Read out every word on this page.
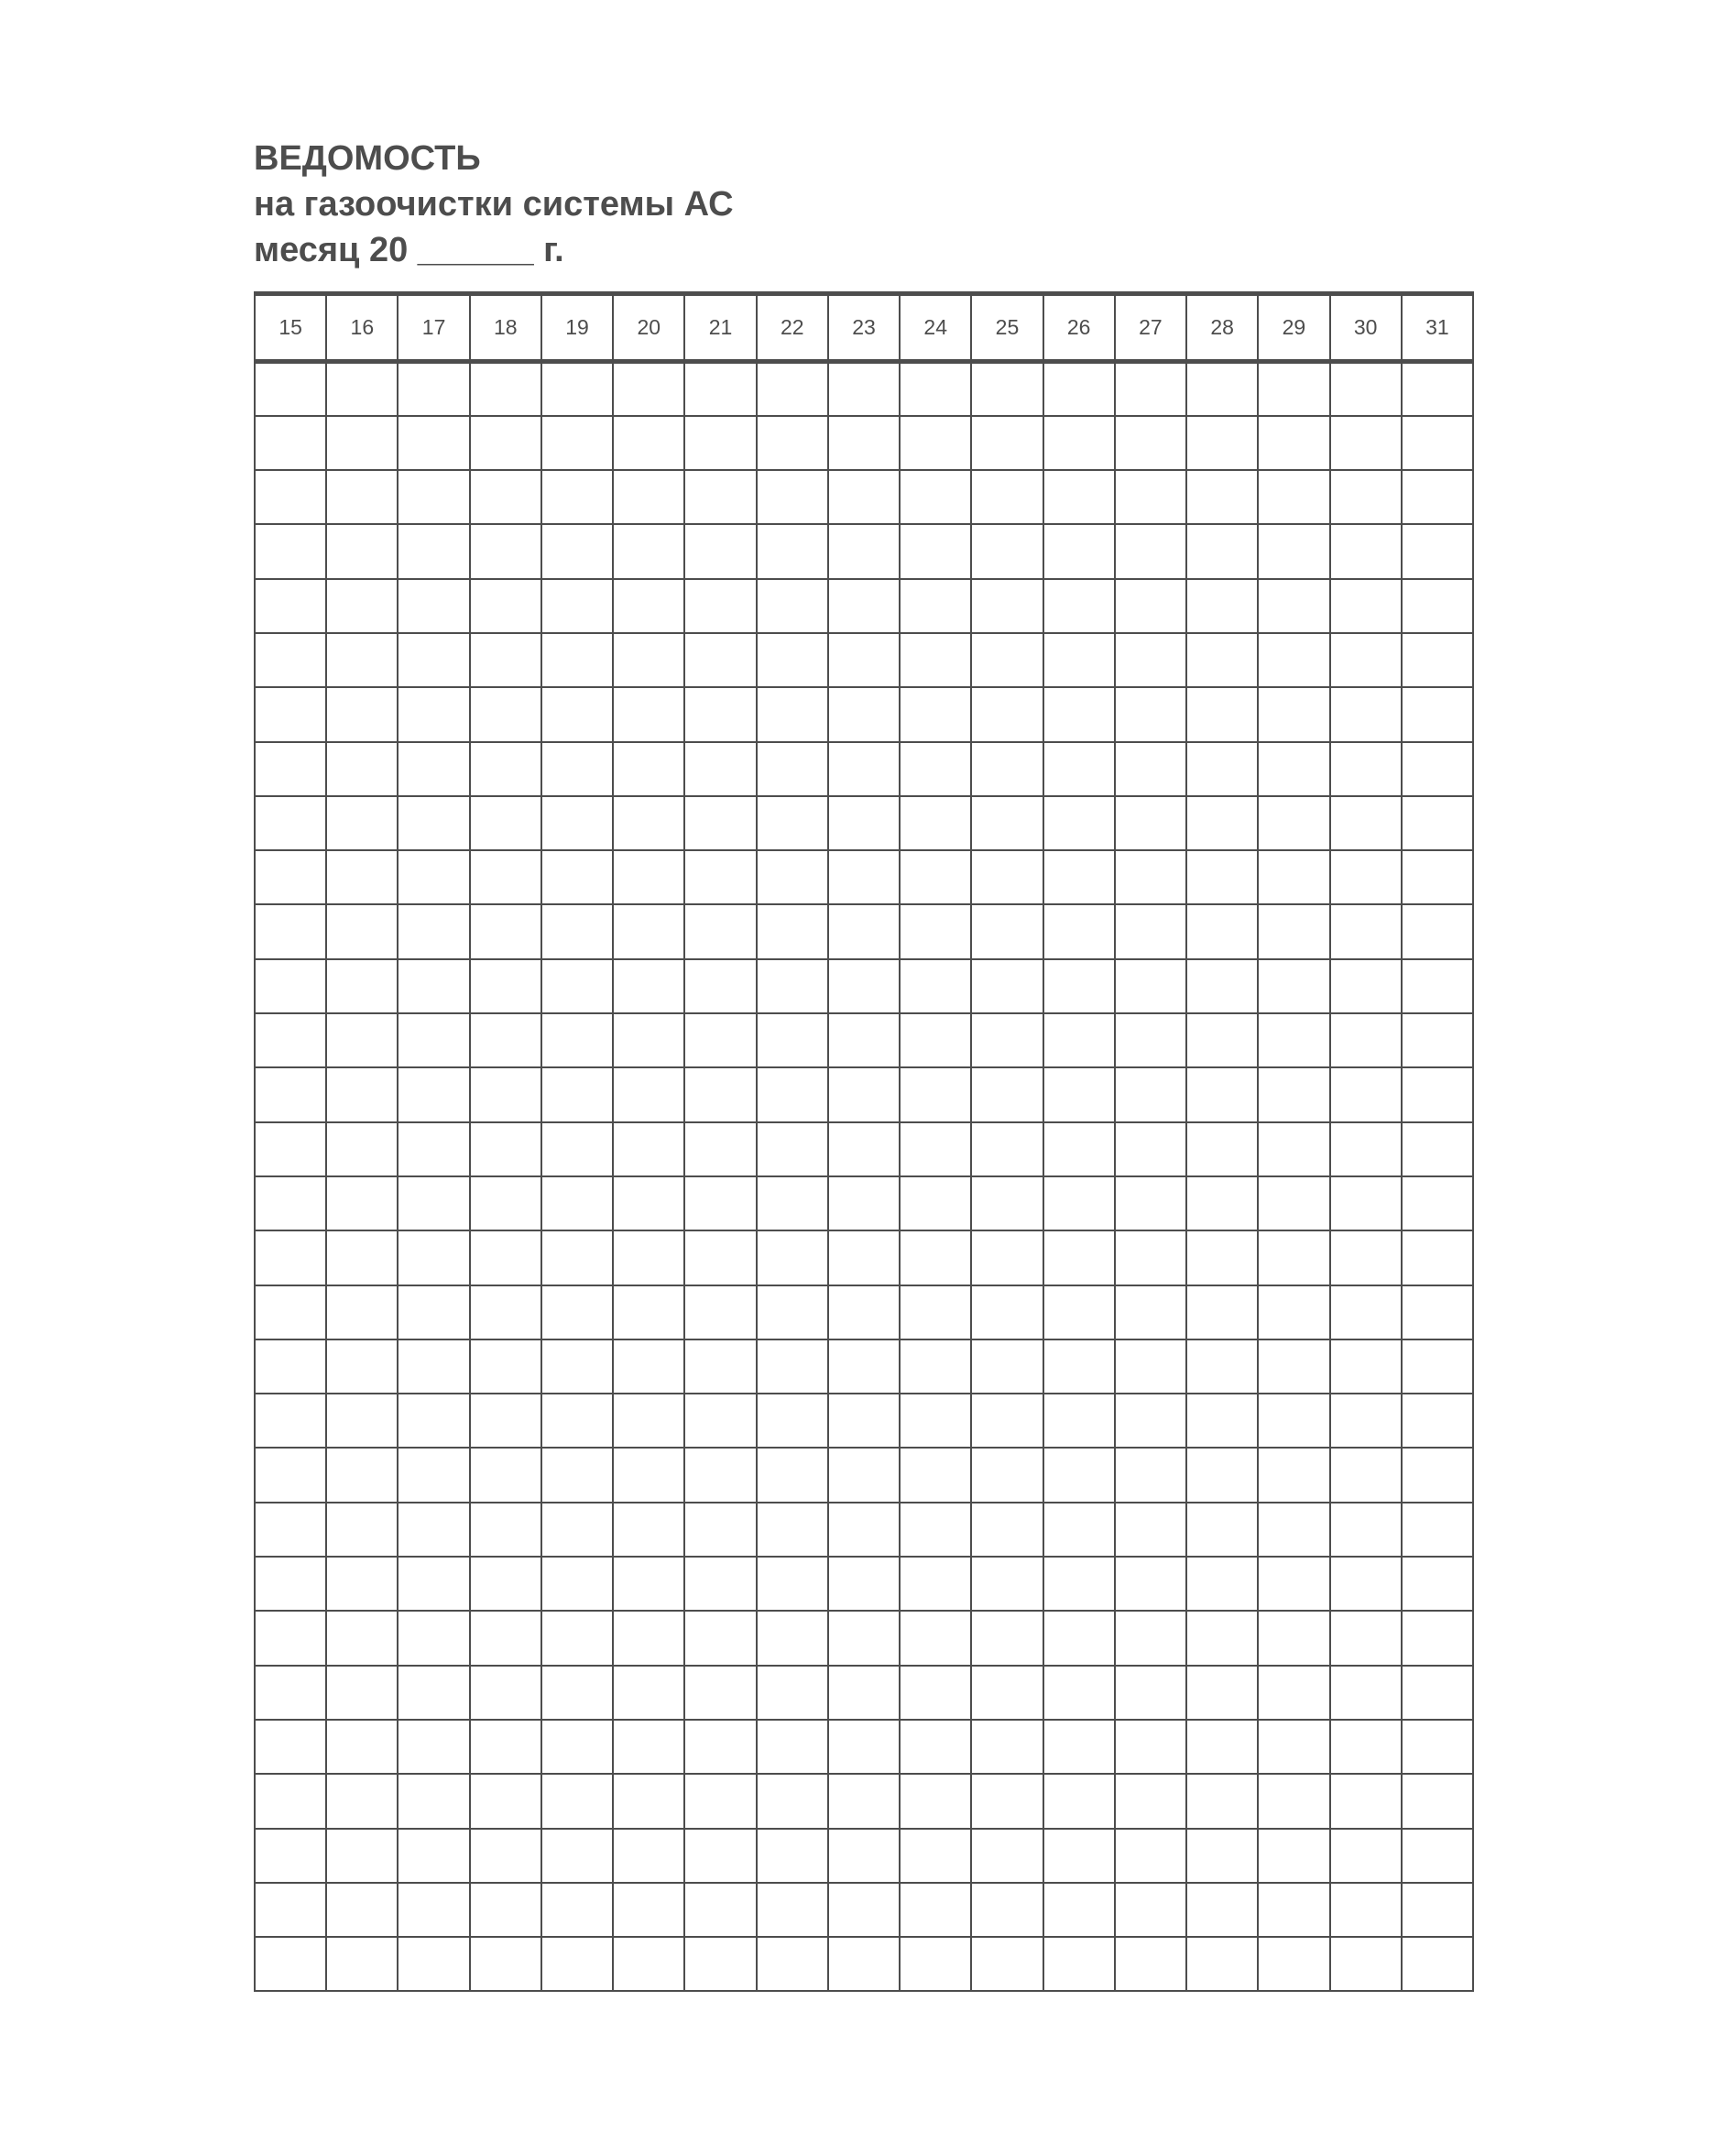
ВЕДОМОСТЬ
на газоочистки системы АС
месяц 20 ______ г.
15	16	17	18	19	20	21	22	23	24	25	26	27	28	29	30	31
